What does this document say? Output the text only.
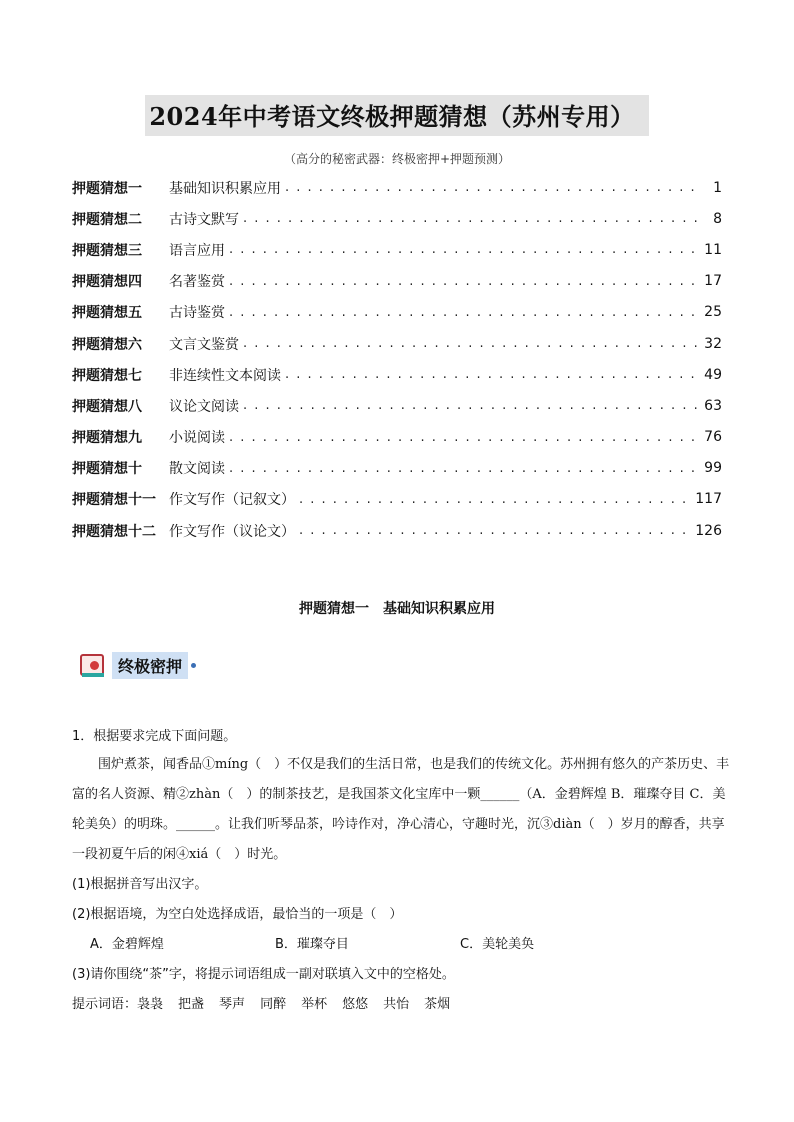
2024年中考语文终极押题猜想（苏州专用）
（高分的秘密武器：终极密押+押题预测）
押题猜想一	基础知识积累应用 . . .	1
押题猜想二	古诗文默写 . . .	8
押题猜想三	语言应用 . . .	11
押题猜想四	名著鉴赏 . . .	17
押题猜想五	古诗鉴赏 . . .	25
押题猜想六	文言文鉴赏 . . .	32
押题猜想七	非连续性文本阅读 . . .	49
押题猜想八	议论文阅读 . . .	63
押题猜想九	小说阅读 . . .	76
押题猜想十	散文阅读 . . .	99
押题猜想十一 作文写作（记叙文） . . .	117
押题猜想十二 作文写作（议论文） . . .	126
押题猜想一　基础知识积累应用
终极密押
1．根据要求完成下面问题。
围炉煮茶，闻香品①míng（　）不仅是我们的生活日常，也是我们的传统文化。苏州拥有悠久的产茶历史、丰富的名人资源、精②zhàn（　）的制茶技艺，是我国茶文化宝库中一颗______（A．金碧辉煌 B．璀璨夺目 C．美轮美奂）的明珠。______。让我们听琴品茶，吟诗作对，净心清心，守趣时光，沉③diàn（　）岁月的醇香，共享一段初夏午后的闲④xiá（　）时光。
(1)根据拼音写出汉字。
(2)根据语境，为空白处选择成语，最恰当的一项是（　）
A．金碧辉煌	B．璀璨夺目	C．美轮美奂
(3)请你围绕“茶”字，将提示词语组成一副对联填入文中的空格处。
提示词语： 袅袅 把盏 琴声 同醉 举杯 悠悠 共怡 茶烟
